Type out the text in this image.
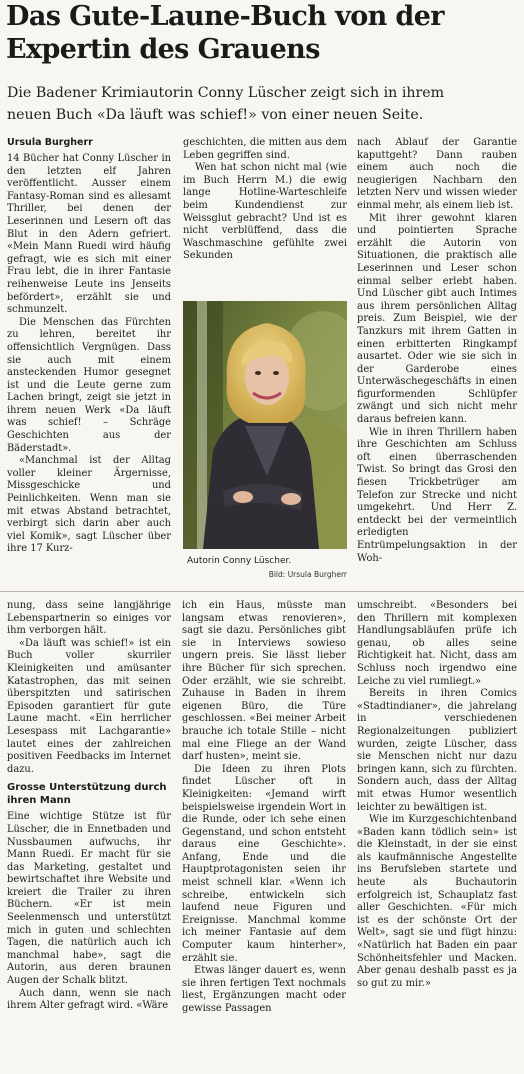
Das Gute-Laune-Buch von der
Expertin des Grauens

Die Badener Krimiautorin Conny Lüscher zeigt sich in ihrem
neuen Buch «Da läuft was schief!» von einer neuen Seite.

Ursula Burgherr

14 Bücher hat Conny Lüscher in den letzten elf Jahren veröffentlicht. Ausser einem Fantasy-Roman sind es allesamt Thriller, bei denen der Leserinnen und Lesern oft das Blut in den Adern gefriert. «Mein Mann Ruedi wird häufig gefragt, wie es sich mit einer Frau lebt, die in ihrer Fantasie reihenweise Leute ins Jenseits befördert», erzählt sie und schmunzelt.

Die Menschen das Fürchten zu lehren, bereitet ihr offensichtlich Vergnügen. Dass sie auch mit einem ansteckenden Humor gesegnet ist und die Leute gerne zum Lachen bringt, zeigt sie jetzt in ihrem neuen Werk «Da läuft was schief! – Schräge Geschichten aus der Bäderstadt».

«Manchmal ist der Alltag voller kleiner Ärgernisse, Missgeschicke und Peinlichkeiten. Wenn man sie mit etwas Abstand betrachtet, verbirgt sich darin aber auch viel Komik», sagt Lüscher über ihre 17 Kurz-

geschichten, die mitten aus dem Leben gegriffen sind.

Wen hat schon nicht mal (wie im Buch Herrn M.) die ewig lange Hotline-Warteschleife beim Kundendienst zur Weissglut gebracht? Und ist es nicht verblüffend, dass die Waschmaschine gefühlte zwei Sekunden

Autorin Conny Lüscher.
Bild: Ursula Burgherr

nach Ablauf der Garantie kaputtgeht? Dann rauben einem auch noch die neugierigen Nachbarn den letzten Nerv und wissen wieder einmal mehr, als einem lieb ist.

Mit ihrer gewohnt klaren und pointierten Sprache erzählt die Autorin von Situationen, die praktisch alle Leserinnen und Leser schon einmal selber erlebt haben. Und Lüscher gibt auch Intimes aus ihrem persönlichen Alltag preis. Zum Beispiel, wie der Tanzkurs mit ihrem Gatten in einen erbitterten Ringkampf ausartet. Oder wie sie sich in der Garderobe eines Unterwäschegeschäfts in einen figurformenden Schlüpfer zwängt und sich nicht mehr daraus befreien kann.

Wie in ihren Thrillern haben ihre Geschichten am Schluss oft einen überraschenden Twist. So bringt das Grosi den fiesen Trickbetrüger am Telefon zur Strecke und nicht umgekehrt. Und Herr Z. entdeckt bei der vermeintlich erledigten Entrümpelungsaktion in der Woh-

nung, dass seine langjährige Lebenspartnerin so einiges vor ihm verborgen hält.

«Da läuft was schief!» ist ein Buch voller skurriler Kleinigkeiten und amüsanter Katastrophen, das mit seinen überspitzten und satirischen Episoden garantiert für gute Laune macht. «Ein herrlicher Lesespass mit Lachgarantie» lautet eines der zahlreichen positiven Feedbacks im Internet dazu.

Grosse Unterstützung durch ihren Mann

Eine wichtige Stütze ist für Lüscher, die in Ennetbaden und Nussbaumen aufwuchs, ihr Mann Ruedi. Er macht für sie das Marketing, gestaltet und bewirtschaftet ihre Website und kreiert die Trailer zu ihren Büchern. «Er ist mein Seelenmensch und unterstützt mich in guten und schlechten Tagen, die natürlich auch ich manchmal habe», sagt die Autorin, aus deren braunen Augen der Schalk blitzt.

Auch dann, wenn sie nach ihrem Alter gefragt wird. «Wäre

ich ein Haus, müsste man langsam etwas renovieren», sagt sie dazu. Persönliches gibt sie in Interviews sowieso ungern preis. Sie lässt lieber ihre Bücher für sich sprechen. Oder erzählt, wie sie schreibt. Zuhause in Baden in ihrem eigenen Büro, die Türe geschlossen. «Bei meiner Arbeit brauche ich totale Stille – nicht mal eine Fliege an der Wand darf husten», meint sie.

Die Ideen zu ihren Plots findet Lüscher oft in Kleinigkeiten: «Jemand wirft beispielsweise irgendein Wort in die Runde, oder ich sehe einen Gegenstand, und schon entsteht daraus eine Geschichte». Anfang, Ende und die Hauptprotagonisten seien ihr meist schnell klar. «Wenn ich schreibe, entwickeln sich laufend neue Figuren und Ereignisse. Manchmal komme ich meiner Fantasie auf dem Computer kaum hinterher», erzählt sie.

Etwas länger dauert es, wenn sie ihren fertigen Text nochmals liest, Ergänzungen macht oder gewisse Passagen

umschreibt. «Besonders bei den Thrillern mit komplexen Handlungsabläufen prüfe ich genau, ob alles seine Richtigkeit hat. Nicht, dass am Schluss noch irgendwo eine Leiche zu viel rumliegt.»

Bereits in ihren Comics «Stadtindianer», die jahrelang in verschiedenen Regionalzeitungen publiziert wurden, zeigte Lüscher, dass sie Menschen nicht nur dazu bringen kann, sich zu fürchten. Sondern auch, dass der Alltag mit etwas Humor wesentlich leichter zu bewältigen ist.

Wie im Kurzgeschichtenband «Baden kann tödlich sein» ist die Kleinstadt, in der sie einst als kaufmännische Angestellte ins Berufsleben startete und heute als Buchautorin erfolgreich ist, Schauplatz fast aller Geschichten. «Für mich ist es der schönste Ort der Welt», sagt sie und fügt hinzu: «Natürlich hat Baden ein paar Schönheitsfehler und Macken. Aber genau deshalb passt es ja so gut zu mir.»
